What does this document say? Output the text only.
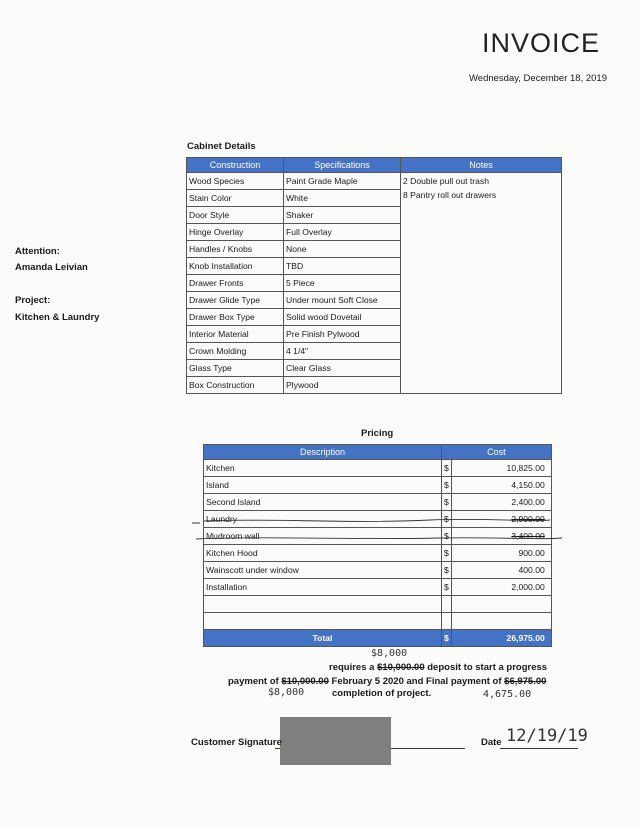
INVOICE
Wednesday, December 18, 2019
Attention:
Amanda Leivian
Project:
Kitchen & Laundry
Cabinet Details
Construction	Specifications	Notes
Wood Species	Paint Grade Maple	2 Double pull out trash
8 Pantry roll out drawers

Stain Color	White	
Door Style	Shaker	
Hinge Overlay	Full Overlay	
Handles / Knobs	None	
Knob Installation	TBD	
Drawer Fronts	5 Piece	
Drawer Glide Type	Under mount Soft Close	
Drawer Box Type	Solid wood Dovetail	
Interior Material	Pre Finish Pylwood	
Crown Molding	4 1/4"	
Glass Type	Clear Glass	
Box Construction	Plywood	
Pricing
Description	Cost	
Kitchen	$	10,825.00
Island	$	4,150.00
Second Island	$	2,400.00
Laundry	$	2,900.00
Mudroom wall	$	3,400.00
Kitchen Hood	$	900.00
Wainscott under window	$	400.00
Installation	$	2,000.00

Total	$	26,975.00
$8,000
requires a $10,000.00 deposit to start a progress
payment of $10,000.00 February 5 2020 and Final payment of $6,975.00
$8,000	completion of project.	4,675.00
Customer Signature	Date 12/19/19
